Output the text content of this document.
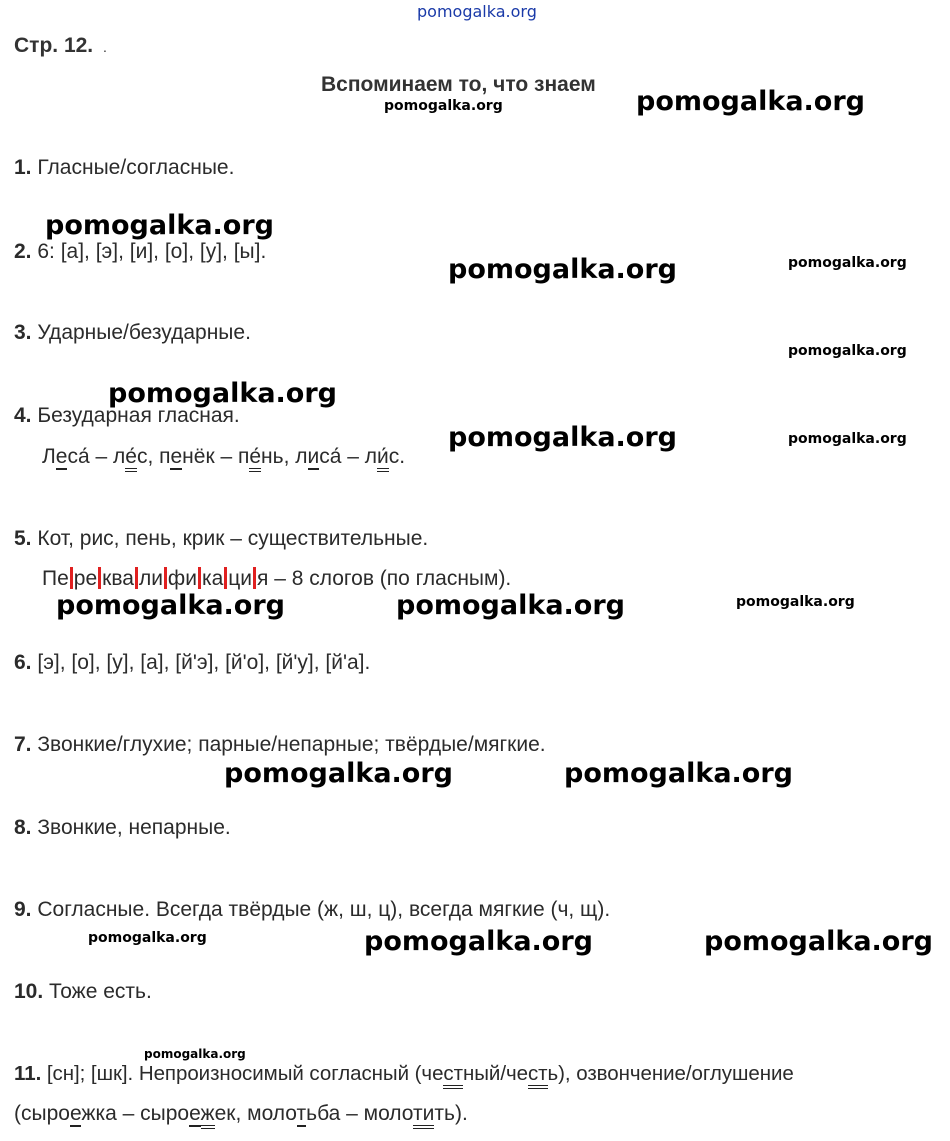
pomogalka.org
Стр. 12. .
Вспоминаем то, что знаем
1. Гласные/согласные.
2. 6: [а], [э], [и], [о], [у], [ы].
3. Ударные/безударные.
4. Безударная гласная.
Леса́ – ле́с, пенёк – пе́нь, лиса́ – ли́с.
5. Кот, рис, пень, крик – существительные.
Пе ре ква ли фи ка ци я – 8 слогов (по гласным).
6. [э], [о], [у], [а], [й'э], [й'о], [й'у], [й'а].
7. Звонкие/глухие; парные/непарные; твёрдые/мягкие.
8. Звонкие, непарные.
9. Согласные. Всегда твёрдые (ж, ш, ц), всегда мягкие (ч, щ).
10. Тоже есть.
11. [сн]; [шк]. Непроизносимый согласный (честный/честь), озвончение/оглушение
(сыроежка – сыроежек, молотьба – молотить).
pomogalka.org	pomogalka.org
pomogalka.org
pomogalka.org	pomogalka.org
pomogalka.org
pomogalka.org
pomogalka.org	pomogalka.org
pomogalka.org	pomogalka.org	pomogalka.org
pomogalka.org	pomogalka.org
pomogalka.org	pomogalka.org	pomogalka.org
pomogalka.org
